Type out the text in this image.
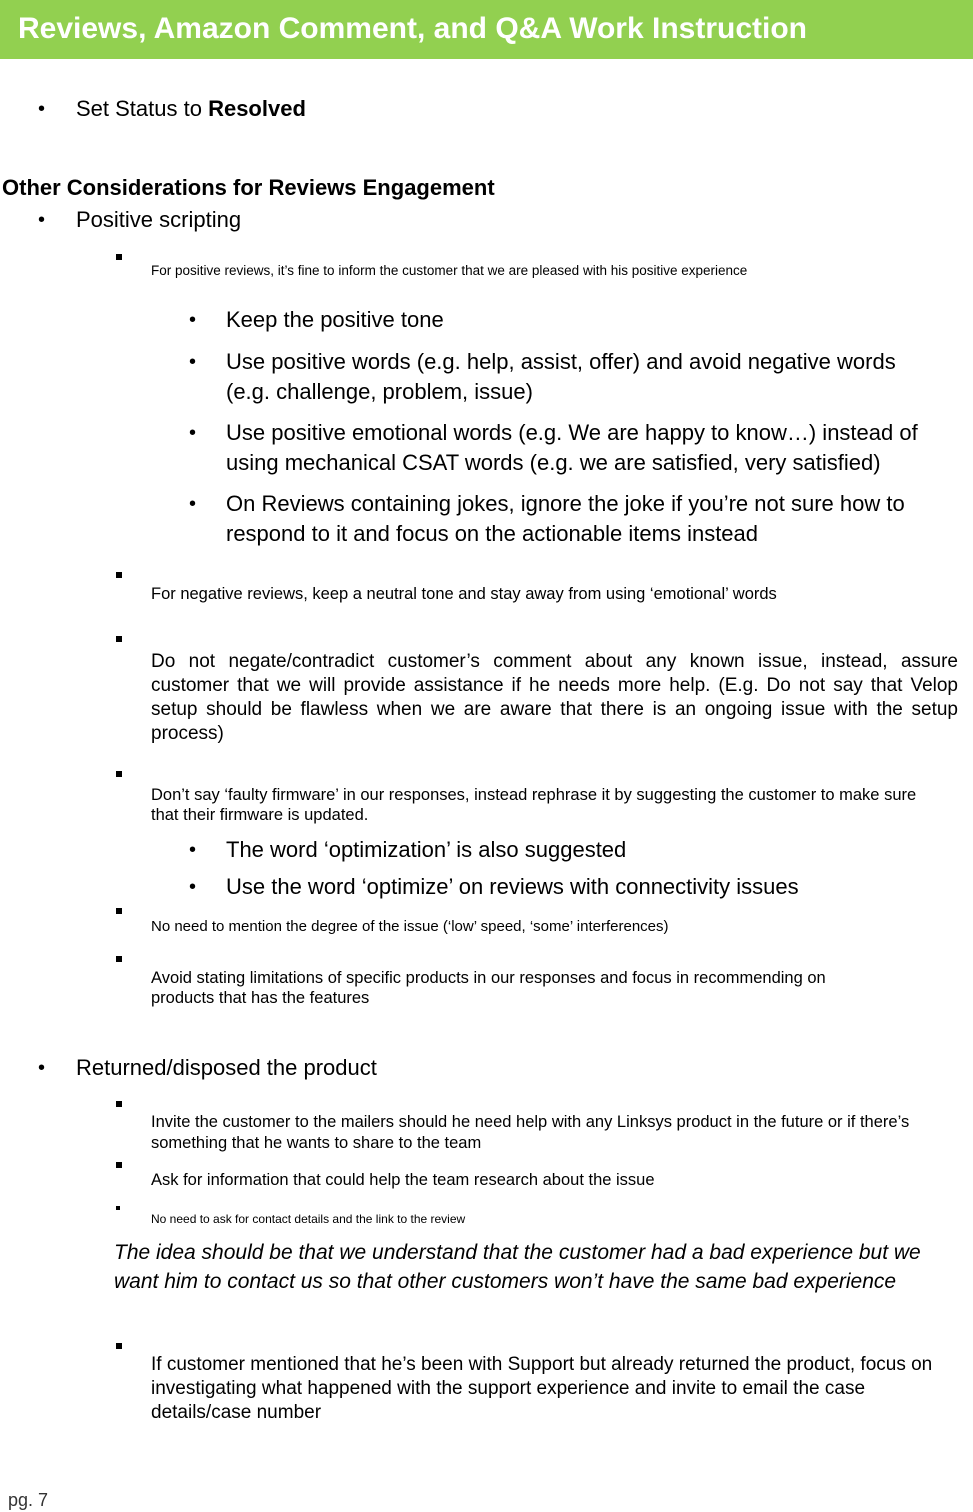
Reviews, Amazon Comment, and Q&A Work Instruction
• Set Status to Resolved
Other Considerations for Reviews Engagement
• Positive scripting
For positive reviews, it’s fine to inform the customer that we are pleased with his positive experience
• Keep the positive tone
• Use positive words (e.g. help, assist, offer) and avoid negative words (e.g. challenge, problem, issue)
• Use positive emotional words (e.g. We are happy to know…) instead of using mechanical CSAT words (e.g. we are satisfied, very satisfied)
• On Reviews containing jokes, ignore the joke if you’re not sure how to respond to it and focus on the actionable items instead
For negative reviews, keep a neutral tone and stay away from using ‘emotional’ words
Do not negate/contradict customer’s comment about any known issue, instead, assure customer that we will provide assistance if he needs more help. (E.g. Do not say that Velop setup should be flawless when we are aware that there is an ongoing issue with the setup process)
Don’t say ‘faulty firmware’ in our responses, instead rephrase it by suggesting the customer to make sure that their firmware is updated.
• The word ‘optimization’ is also suggested
• Use the word ‘optimize’ on reviews with connectivity issues
No need to mention the degree of the issue (‘low’ speed, ‘some’ interferences)
Avoid stating limitations of specific products in our responses and focus in recommending on products that has the features
• Returned/disposed the product
Invite the customer to the mailers should he need help with any Linksys product in the future or if there’s something that he wants to share to the team
Ask for information that could help the team research about the issue
No need to ask for contact details and the link to the review
The idea should be that we understand that the customer had a bad experience but we want him to contact us so that other customers won’t have the same bad experience
If customer mentioned that he’s been with Support but already returned the product, focus on investigating what happened with the support experience and invite to email the case details/case number
pg. 7
